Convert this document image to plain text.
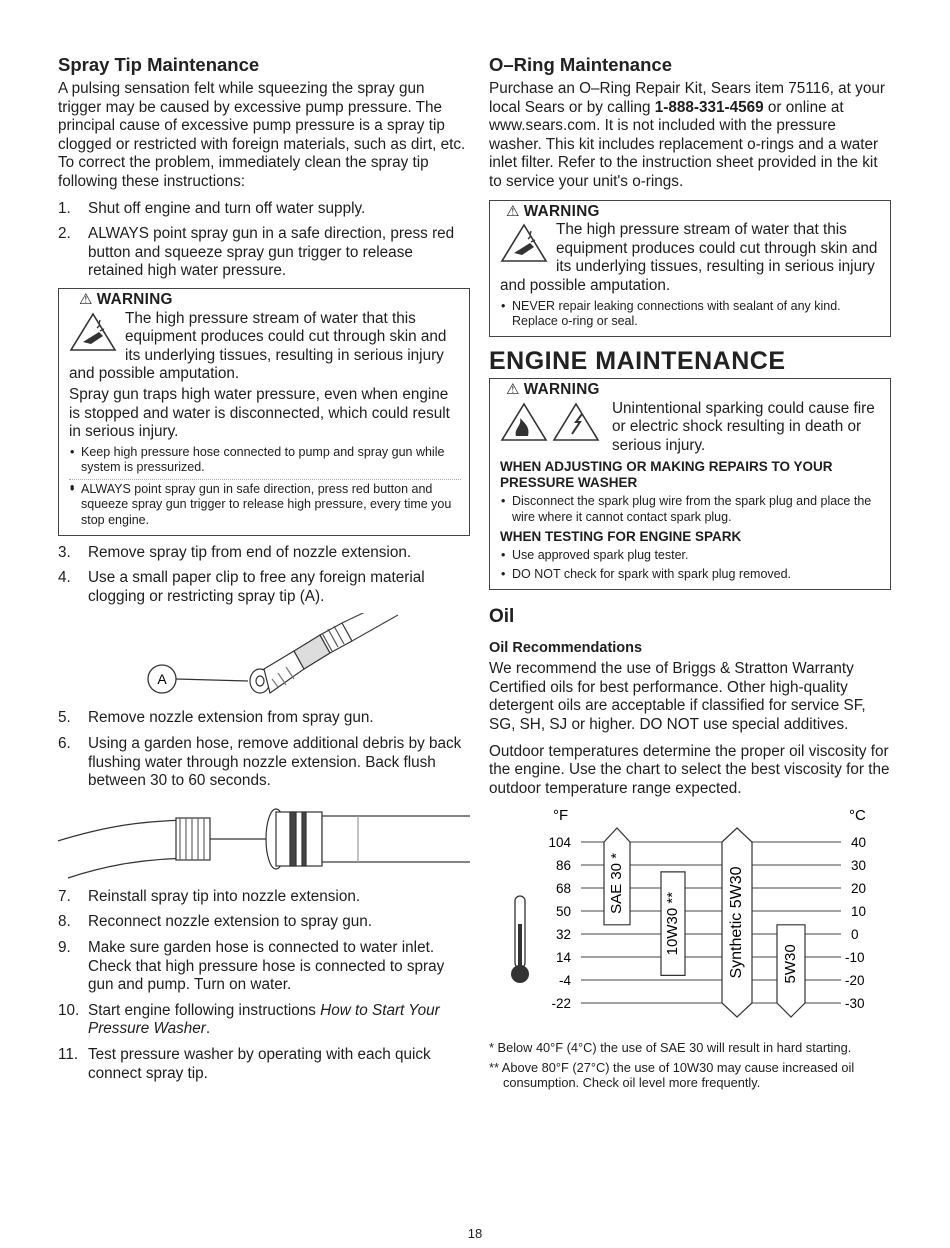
Spray Tip Maintenance

A pulsing sensation felt while squeezing the spray gun trigger may be caused by excessive pump pressure. The principal cause of excessive pump pressure is a spray tip clogged or restricted with foreign materials, such as dirt, etc. To correct the problem, immediately clean the spray tip following these instructions:

1. Shut off engine and turn off water supply.
2. ALWAYS point spray gun in a safe direction, press red button and squeeze spray gun trigger to release retained high water pressure.
⚠ WARNING

The high pressure stream of water that this equipment produces could cut through skin and its underlying tissues, resulting in serious injury and possible amputation.

Spray gun traps high water pressure, even when engine is stopped and water is disconnected, which could result in serious injury.

• Keep high pressure hose connected to pump and spray gun while system is pressurized.
•
• ALWAYS point spray gun in safe direction, press red button and squeeze spray gun trigger to release high pressure, every time you stop engine.
3. Remove spray tip from end of nozzle extension.
4. Use a small paper clip to free any foreign material clogging or restricting spray tip (A).
A
5. Remove nozzle extension from spray gun.
6. Using a garden hose, remove additional debris by back flushing water through nozzle extension. Back flush between 30 to 60 seconds.
7. Reinstall spray tip into nozzle extension.
8. Reconnect nozzle extension to spray gun.
9. Make sure garden hose is connected to water inlet. Check that high pressure hose is connected to spray gun and pump. Turn on water.
10. Start engine following instructions How to Start Your Pressure Washer.
11. Test pressure washer by operating with each quick connect spray tip.
O–Ring Maintenance

Purchase an O–Ring Repair Kit, Sears item 75116, at your local Sears or by calling 1-888-331-4569 or online at www.sears.com. It is not included with the pressure washer. This kit includes replacement o-rings and a water inlet filter. Refer to the instruction sheet provided in the kit to service your unit's o-rings.

⚠ WARNING

The high pressure stream of water that this equipment produces could cut through skin and its underlying tissues, resulting in serious injury and possible amputation.

• NEVER repair leaking connections with sealant of any kind. Replace o-ring or seal.
ENGINE MAINTENANCE
⚠ WARNING

Unintentional sparking could cause fire or electric shock resulting in death or serious injury.

WHEN ADJUSTING OR MAKING REPAIRS TO YOUR PRESSURE WASHER
• Disconnect the spark plug wire from the spark plug and place the wire where it cannot contact spark plug.
WHEN TESTING FOR ENGINE SPARK
• Use approved spark plug tester.
• DO NOT check for spark with spark plug removed.
Oil
Oil Recommendations

We recommend the use of Briggs & Stratton Warranty Certified oils for best performance. Other high-quality detergent oils are acceptable if classified for service SF, SG, SH, SJ or higher. DO NOT use special additives.

Outdoor temperatures determine the proper oil viscosity for the engine. Use the chart to select the best viscosity for the outdoor temperature range expected.

°F	°C
104
86
68
50
32
14
-4
-22
40
30
20
10
0
-10
-20
-30
SAE 30 *
10W30 **	Synthetic 5W30 5W30
* Below 40°F (4°C) the use of SAE 30 will result in hard starting.
** Above 80°F (27°C) the use of 10W30 may cause increased oil consumption. Check oil level more frequently.
18
